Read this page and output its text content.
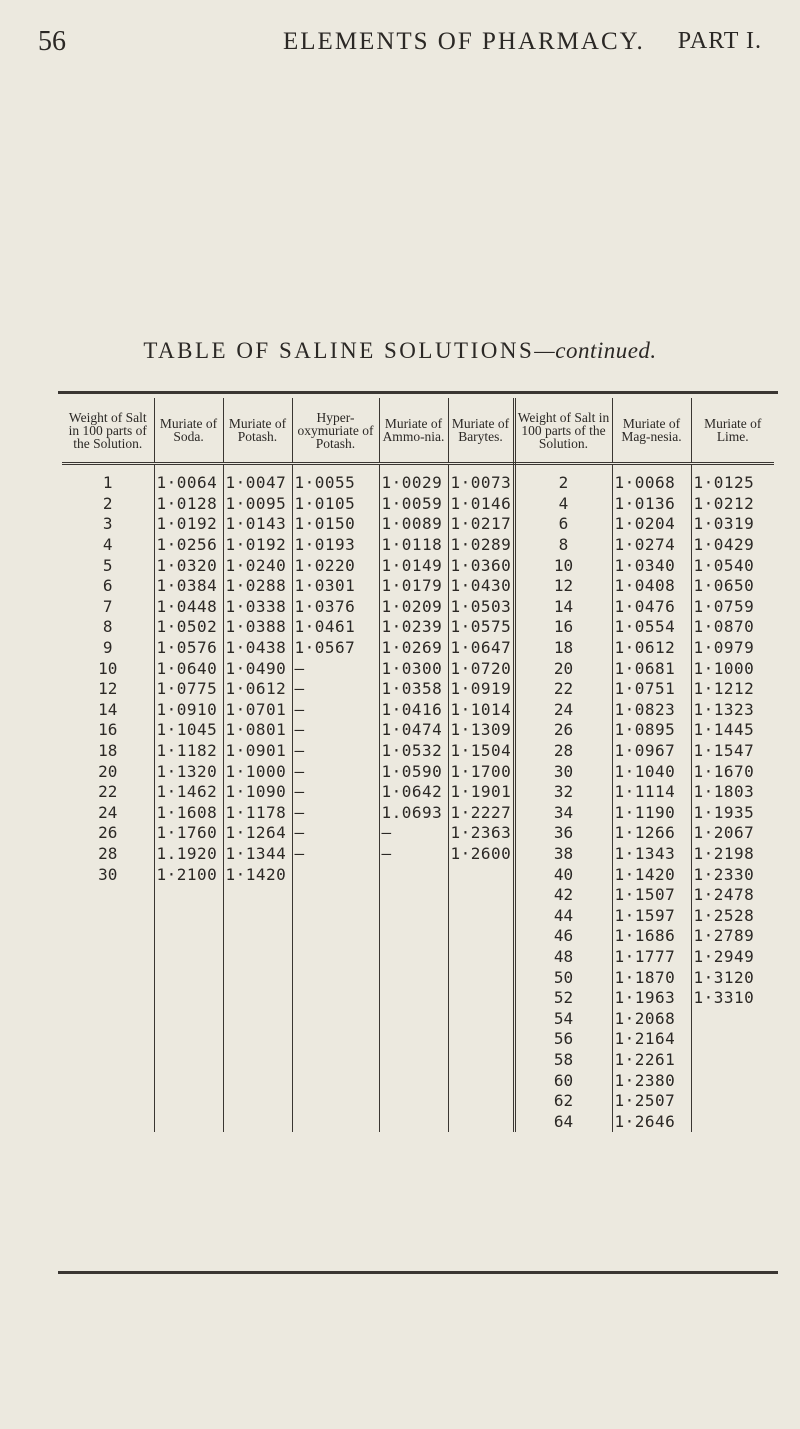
56	ELEMENTS OF PHARMACY. PART I.
TABLE OF SALINE SOLUTIONS—continued.
Weight of Salt in 100 parts of the Solution.	Muriate of Soda.	Muriate of Potash.	Hyper-oxymuriate of Potash.	Muriate of Ammo-nia.	Muriate of Barytes.	Weight of Salt in 100 parts of the Solution.	Muriate of Mag-nesia.	Muriate of Lime.
1	1·0064	1·0047	1·0055	1·0029	1·0073	2	1·0068	1·0125
2	1·0128	1·0095	1·0105	1·0059	1·0146	4	1·0136	1·0212
3	1·0192	1·0143	1·0150	1·0089	1·0217	6	1·0204	1·0319
4	1·0256	1·0192	1·0193	1·0118	1·0289	8	1·0274	1·0429
5	1·0320	1·0240	1·0220	1·0149	1·0360	10	1·0340	1·0540
6	1·0384	1·0288	1·0301	1·0179	1·0430	12	1·0408	1·0650
7	1·0448	1·0338	1·0376	1·0209	1·0503	14	1·0476	1·0759
8	1·0502	1·0388	1·0461	1·0239	1·0575	16	1·0554	1·0870
9	1·0576	1·0438	1·0567	1·0269	1·0647	18	1·0612	1·0979
10	1·0640	1·0490	—	1·0300	1·0720	20	1·0681	1·1000
12	1·0775	1·0612	—	1·0358	1·0919	22	1·0751	1·1212
14	1·0910	1·0701	—	1·0416	1·1014	24	1·0823	1·1323
16	1·1045	1·0801	—	1·0474	1·1309	26	1·0895	1·1445
18	1·1182	1·0901	—	1·0532	1·1504	28	1·0967	1·1547
20	1·1320	1·1000	—	1·0590	1·1700	30	1·1040	1·1670
22	1·1462	1·1090	—	1·0642	1·1901	32	1·1114	1·1803
24	1·1608	1·1178	—	1.0693	1·2227	34	1·1190	1·1935
26	1·1760	1·1264	—	—	1·2363	36	1·1266	1·2067
28	1.1920	1·1344	—	—	1·2600	38	1·1343	1·2198
30	1·2100	1·1420				40	1·1420	1·2330
						42	1·1507	1·2478
						44	1·1597	1·2528
						46	1·1686	1·2789
						48	1·1777	1·2949
						50	1·1870	1·3120
						52	1·1963	1·3310
						54	1·2068	
						56	1·2164	
						58	1·2261	
						60	1·2380	
						62	1·2507	
						64	1·2646	
